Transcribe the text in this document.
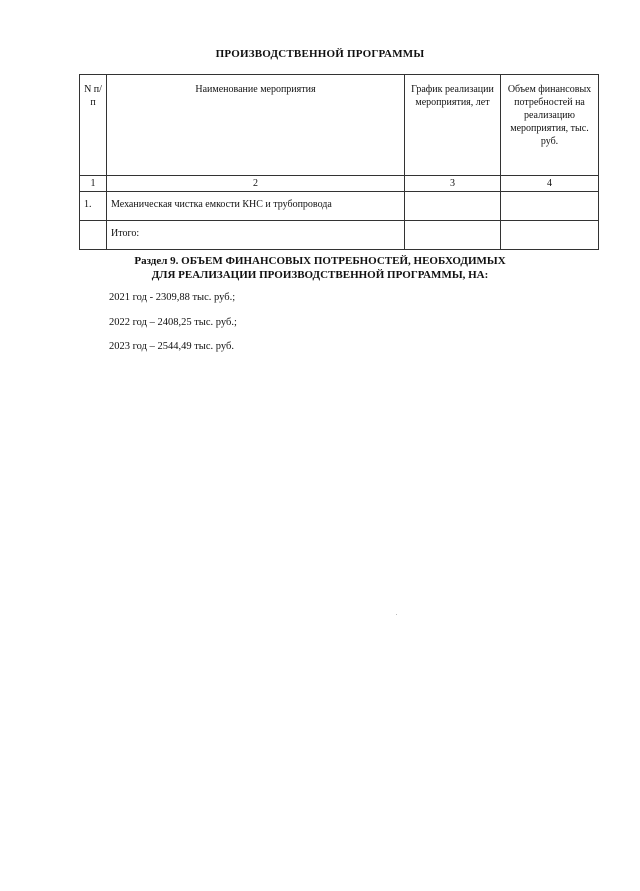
ПРОИЗВОДСТВЕННОЙ ПРОГРАММЫ
N п/п	Наименование мероприятия	График реализации мероприятия, лет	Объем финансовых потребностей на реализацию мероприятия, тыс. руб.
1	2	3	4
1.	Механическая чистка емкости КНС и трубопровода		
	Итого:		
Раздел 9. ОБЪЕМ ФИНАНСОВЫХ ПОТРЕБНОСТЕЙ, НЕОБХОДИМЫХ
ДЛЯ РЕАЛИЗАЦИИ ПРОИЗВОДСТВЕННОЙ ПРОГРАММЫ, НА:
2021 год - 2309,88 тыс. руб.;
2022 год – 2408,25 тыс. руб.;
2023 год – 2544,49 тыс. руб.
